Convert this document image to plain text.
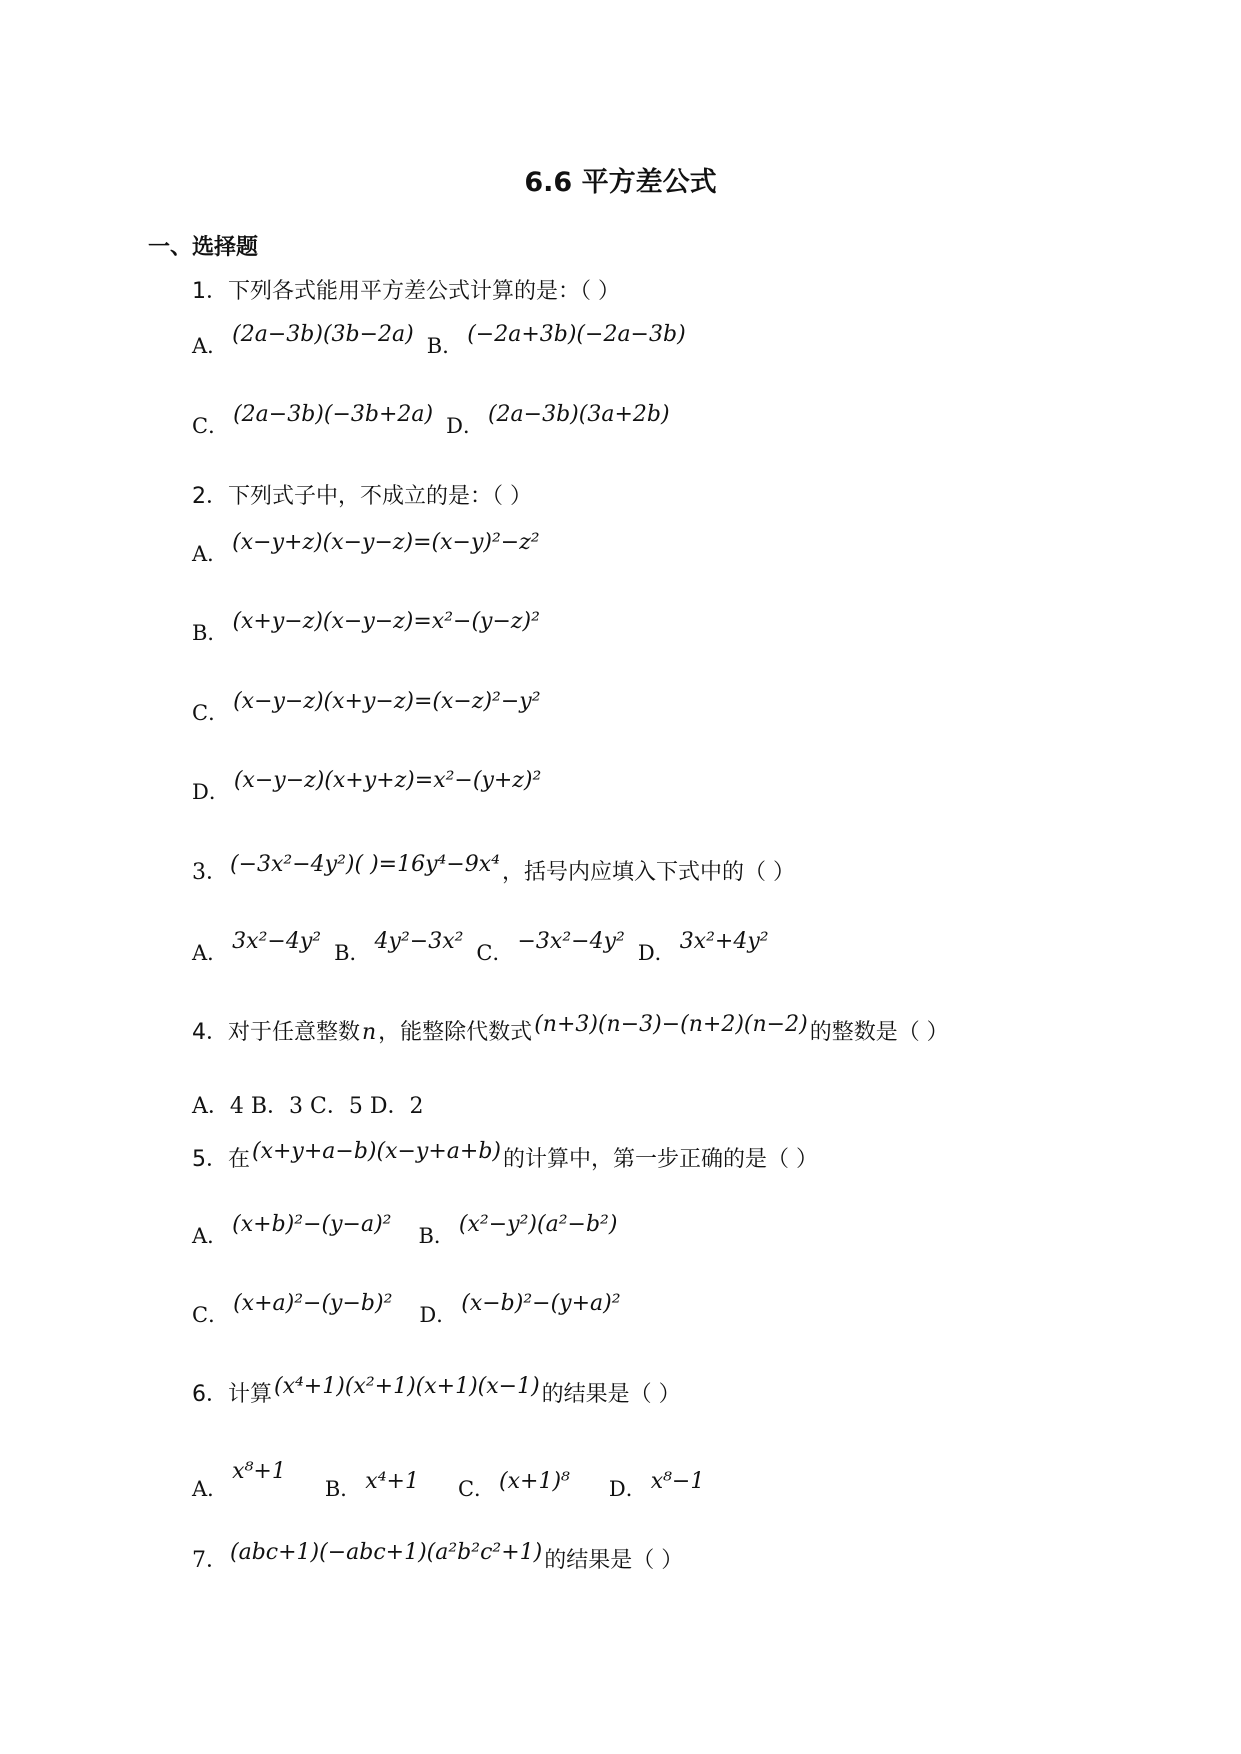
6.6 平方差公式
一、选择题
1．下列各式能用平方差公式计算的是：（ ）
A． (2a−3b)(3b−2a) B． (−2a+3b)(−2a−3b)
C． (2a−3b)(−3b+2a) D． (2a−3b)(3a+2b)
2．下列式子中，不成立的是：（ ）
A． (x−y+z)(x−y−z)=(x−y)²−z²
B． (x+y−z)(x−y−z)=x²−(y−z)²
C． (x−y−z)(x+y−z)=(x−z)²−y²
D． (x−y−z)(x+y+z)=x²−(y+z)²
3．(−3x²−4y²)( )=16y⁴−9x⁴，括号内应填入下式中的（ ）
A． 3x²−4y² B． 4y²−3x² C． −3x²−4y² D． 3x²+4y²
4．对于任意整数n，能整除代数式(n+3)(n−3)−(n+2)(n−2)的整数是（ ）
A．4 B．3 C．5 D．2
5．在(x+y+a−b)(x−y+a+b)的计算中，第一步正确的是（ ）
A． (x+b)²−(y−a)² B． (x²−y²)(a²−b²)
C． (x+a)²−(y−b)² D． (x−b)²−(y+a)²
6．计算(x⁴+1)(x²+1)(x+1)(x−1)的结果是（ ）
A．x⁸+1 B． x⁴+1 C． (x+1)⁸ D． x⁸−1
7．(abc+1)(−abc+1)(a²b²c²+1)的结果是（ ）
